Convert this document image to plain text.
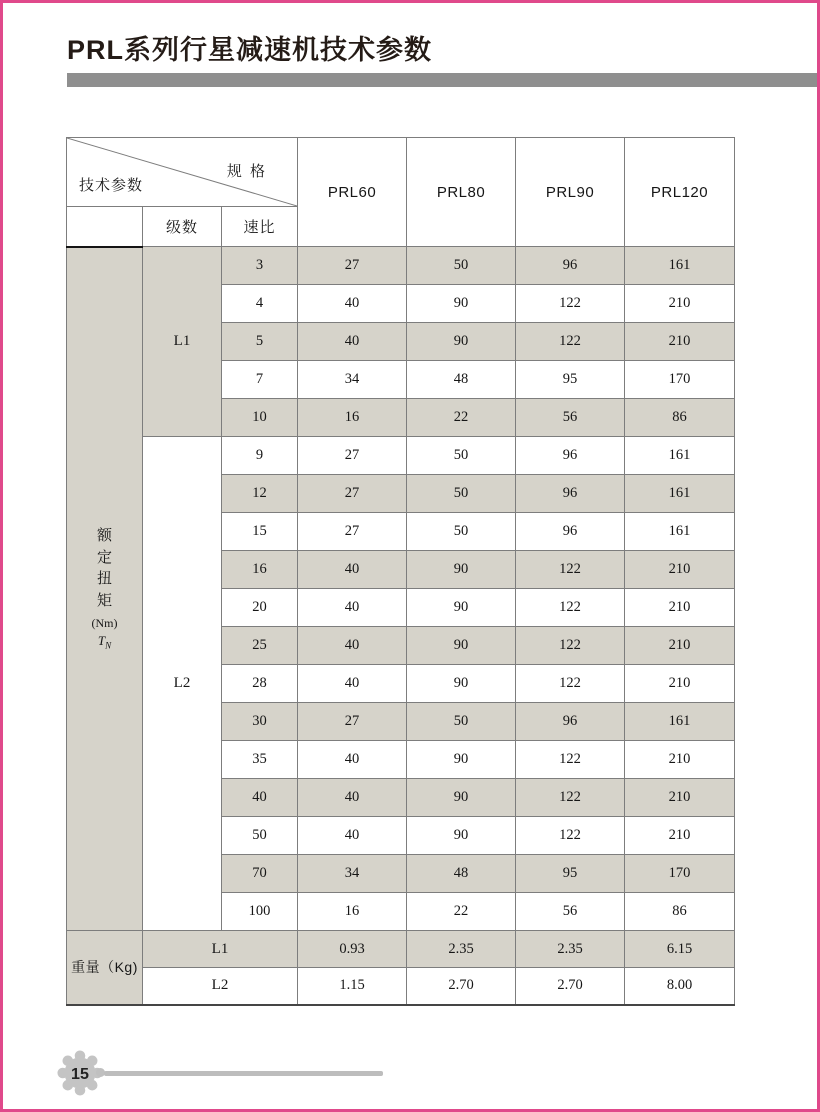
PRL系列行星减速机技术参数
规 格
技术参数			PRL60	PRL80	PRL90	PRL120
	级数	速比				

额
定
扭
矩
(Nm)
$T_N$
	L1	3	27	50	96	161
		4	40	90	122	210
		5	40	90	122	210
		7	34	48	95	170
		10	16	22	56	86
	L2	9	27	50	96	161
		12	27	50	96	161
		15	27	50	96	161
		16	40	90	122	210
		20	40	90	122	210
		25	40	90	122	210
		28	40	90	122	210
		30	27	50	96	161
		35	40	90	122	210
		40	40	90	122	210
		50	40	90	122	210
		70	34	48	95	170
		100	16	22	56	86
重量（Kg)	L1		0.93	2.35	2.35	6.15
	L2		1.15	2.70	2.70	8.00
15
